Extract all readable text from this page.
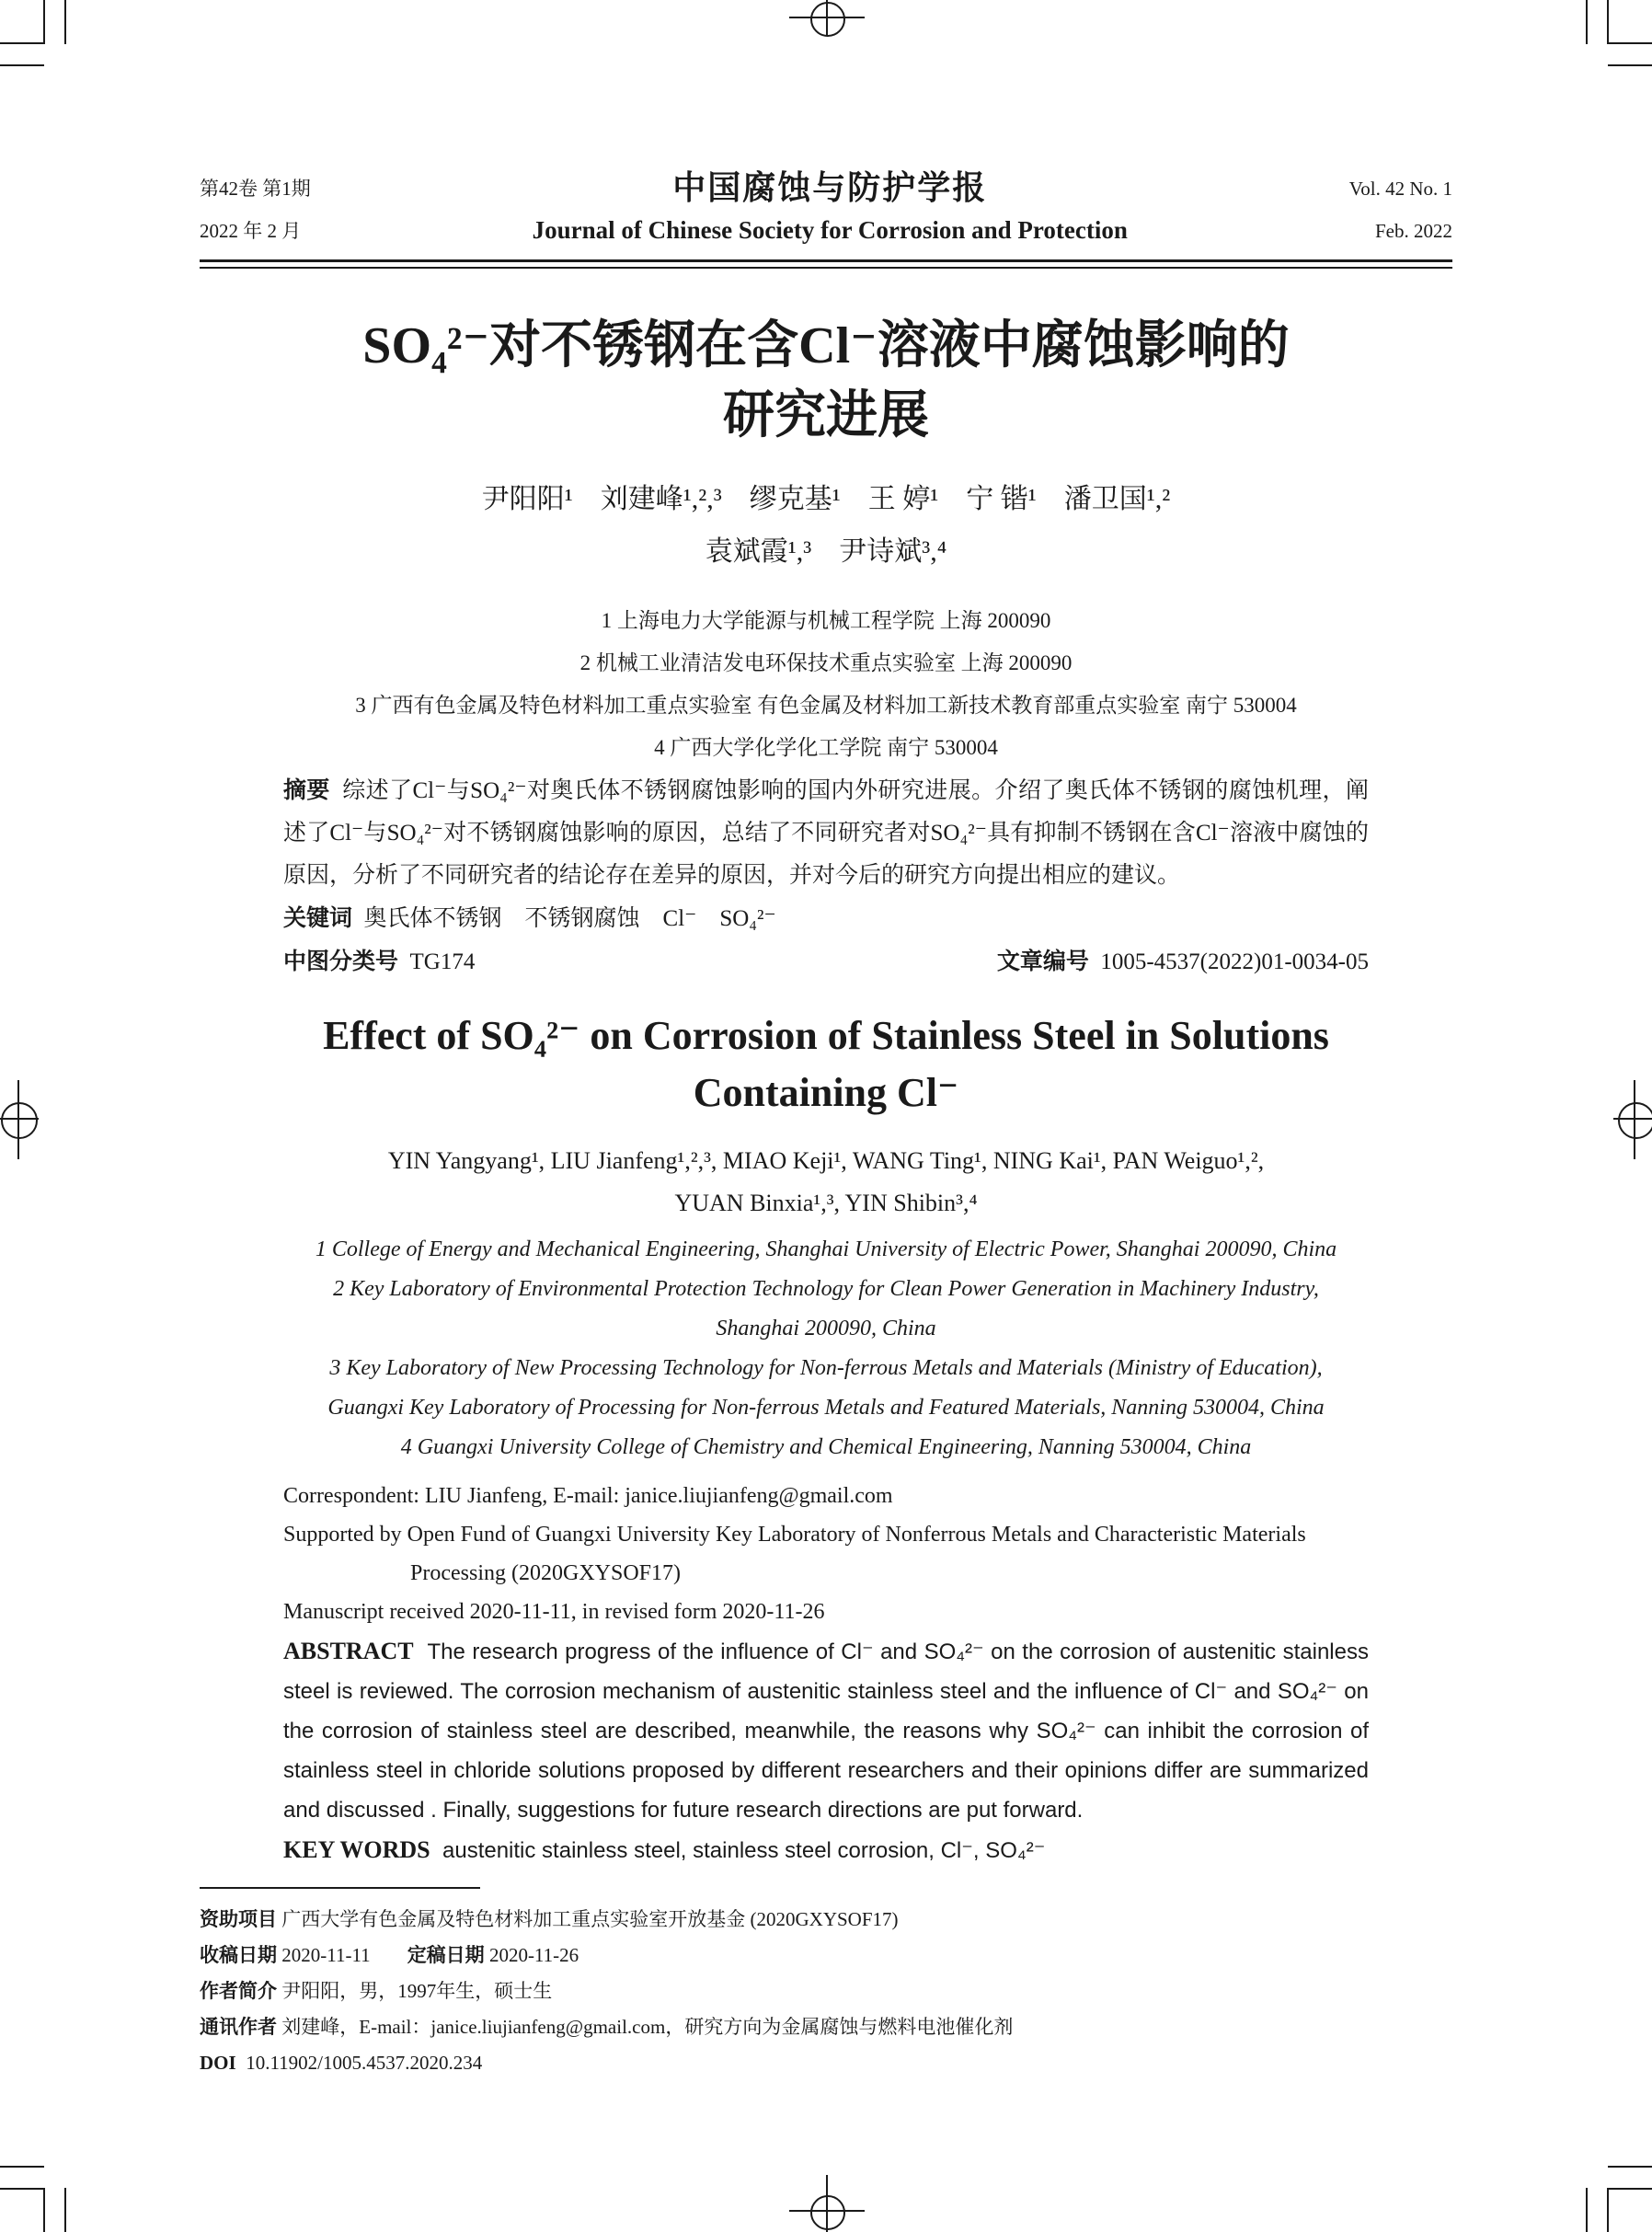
第42卷 第1期
2022 年 2 月
中国腐蚀与防护学报
Journal of Chinese Society for Corrosion and Protection
Vol. 42 No. 1
Feb. 2022
SO₄²⁻对不锈钢在含Cl⁻溶液中腐蚀影响的
研究进展
尹阳阳¹　刘建峰¹,²,³　缪克基¹　王 婷¹　宁 锴¹　潘卫国¹,²
袁斌霞¹,³　尹诗斌³,⁴
1 上海电力大学能源与机械工程学院 上海 200090
2 机械工业清洁发电环保技术重点实验室 上海 200090
3 广西有色金属及特色材料加工重点实验室 有色金属及材料加工新技术教育部重点实验室 南宁 530004
4 广西大学化学化工学院 南宁 530004

摘要 综述了Cl⁻与SO₄²⁻对奥氏体不锈钢腐蚀影响的国内外研究进展。介绍了奥氏体不锈钢的腐蚀机理，阐述了Cl⁻与SO₄²⁻对不锈钢腐蚀影响的原因，总结了不同研究者对SO₄²⁻具有抑制不锈钢在含Cl⁻溶液中腐蚀的原因，分析了不同研究者的结论存在差异的原因，并对今后的研究方向提出相应的建议。

关键词 奥氏体不锈钢　不锈钢腐蚀　Cl⁻　SO₄²⁻

中图分类号 TG174	文章编号 1005-4537(2022)01-0034-05
Effect of SO₄²⁻ on Corrosion of Stainless Steel in Solutions
Containing Cl⁻
YIN Yangyang¹, LIU Jianfeng¹,²,³, MIAO Keji¹, WANG Ting¹, NING Kai¹, PAN Weiguo¹,²,
YUAN Binxia¹,³, YIN Shibin³,⁴
1 College of Energy and Mechanical Engineering, Shanghai University of Electric Power, Shanghai 200090, China
2 Key Laboratory of Environmental Protection Technology for Clean Power Generation in Machinery Industry,
Shanghai 200090, China
3 Key Laboratory of New Processing Technology for Non-ferrous Metals and Materials (Ministry of Education),
Guangxi Key Laboratory of Processing for Non-ferrous Metals and Featured Materials, Nanning 530004, China
4 Guangxi University College of Chemistry and Chemical Engineering, Nanning 530004, China
Correspondent: LIU Jianfeng, E-mail: janice.liujianfeng@gmail.com
Supported by Open Fund of Guangxi University Key Laboratory of Nonferrous Metals and Characteristic Materials
Processing (2020GXYSOF17)
Manuscript received 2020-11-11, in revised form 2020-11-26

ABSTRACT The research progress of the influence of Cl⁻ and SO₄²⁻ on the corrosion of austenitic stainless steel is reviewed. The corrosion mechanism of austenitic stainless steel and the influence of Cl⁻ and SO₄²⁻ on the corrosion of stainless steel are described, meanwhile, the reasons why SO₄²⁻ can inhibit the corrosion of stainless steel in chloride solutions proposed by different researchers and their opinions differ are summarized and discussed . Finally, suggestions for future research directions are put forward.

KEY WORDS austenitic stainless steel, stainless steel corrosion, Cl⁻, SO₄²⁻

资助项目 广西大学有色金属及特色材料加工重点实验室开放基金 (2020GXYSOF17)
收稿日期 2020-11-11 定稿日期 2020-11-26
作者简介 尹阳阳，男，1997年生，硕士生
通讯作者 刘建峰，E-mail：janice.liujianfeng@gmail.com，研究方向为金属腐蚀与燃料电池催化剂
DOI 10.11902/1005.4537.2020.234
